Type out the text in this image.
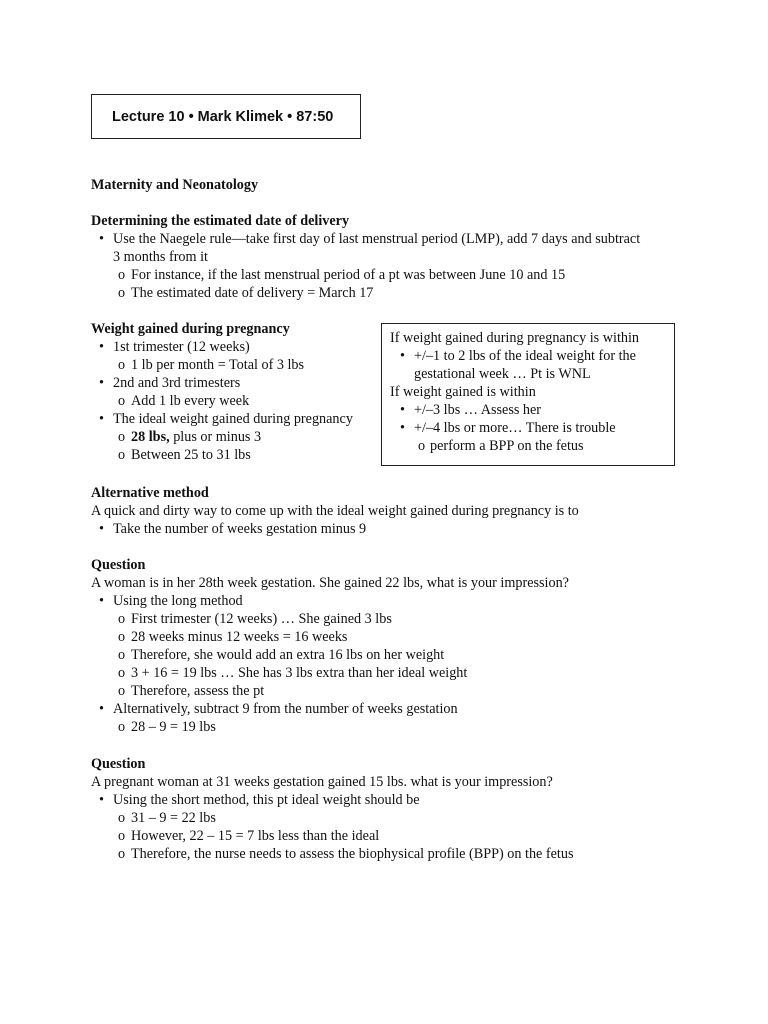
Lecture 10 • Mark Klimek • 87:50
Maternity and Neonatology
Determining the estimated date of delivery
• Use the Naegele rule—take first day of last menstrual period (LMP), add 7 days and subtract
3 months from it
o For instance, if the last menstrual period of a pt was between June 10 and 15
o The estimated date of delivery = March 17
Weight gained during pregnancy
• 1st trimester (12 weeks)
o 1 lb per month = Total of 3 lbs
• 2nd and 3rd trimesters
o Add 1 lb every week
• The ideal weight gained during pregnancy
o 28 lbs, plus or minus 3
o Between 25 to 31 lbs
If weight gained during pregnancy is within
• +/–1 to 2 lbs of the ideal weight for the
gestational week … Pt is WNL
If weight gained is within
• +/–3 lbs … Assess her
• +/–4 lbs or more… There is trouble
o perform a BPP on the fetus
Alternative method
A quick and dirty way to come up with the ideal weight gained during pregnancy is to
• Take the number of weeks gestation minus 9
Question
A woman is in her 28th week gestation. She gained 22 lbs, what is your impression?
• Using the long method
o First trimester (12 weeks) … She gained 3 lbs
o 28 weeks minus 12 weeks = 16 weeks
o Therefore, she would add an extra 16 lbs on her weight
o 3 + 16 = 19 lbs … She has 3 lbs extra than her ideal weight
o Therefore, assess the pt
• Alternatively, subtract 9 from the number of weeks gestation
o 28 – 9 = 19 lbs
Question
A pregnant woman at 31 weeks gestation gained 15 lbs. what is your impression?
• Using the short method, this pt ideal weight should be
o 31 – 9 = 22 lbs
o However, 22 – 15 = 7 lbs less than the ideal
o Therefore, the nurse needs to assess the biophysical profile (BPP) on the fetus
